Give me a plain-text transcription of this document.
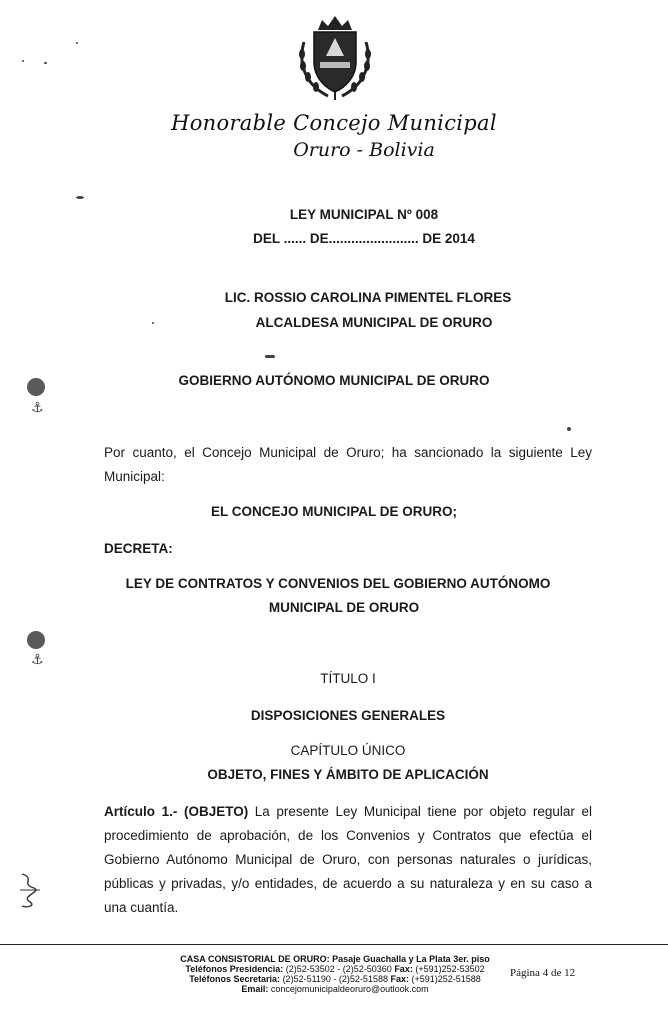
Honorable Concejo Municipal
Oruro - Bolivia
LEY MUNICIPAL Nº 008
DEL ...... DE........................ DE 2014
LIC. ROSSIO CAROLINA PIMENTEL FLORES
ALCALDESA MUNICIPAL DE ORURO
GOBIERNO AUTÓNOMO MUNICIPAL DE ORURO
Por cuanto, el Concejo Municipal de Oruro; ha sancionado la siguiente Ley Municipal:
EL CONCEJO MUNICIPAL DE ORURO;
DECRETA:
LEY DE CONTRATOS Y CONVENIOS DEL GOBIERNO AUTÓNOMO
MUNICIPAL DE ORURO
TÍTULO I
DISPOSICIONES GENERALES
CAPÍTULO ÚNICO
OBJETO, FINES Y ÁMBITO DE APLICACIÓN
Artículo 1.- (OBJETO) La presente Ley Municipal tiene por objeto regular el procedimiento de aprobación, de los Convenios y Contratos que efectúa el Gobierno Autónomo Municipal de Oruro, con personas naturales o jurídicas, públicas y privadas, y/o entidades, de acuerdo a su naturaleza y en su caso a una cuantía.
⚓
⚓
CASA CONSISTORIAL DE ORURO: Pasaje Guachalla y La Plata 3er. piso
Teléfonos Presidencia: (2)52-53502 - (2)52-50360 Fax: (+591)252-53502
Teléfonos Secretaria: (2)52-51190 - (2)52-51588 Fax: (+591)252-51588
Email: concejomunicipaldeoruro@outlook.com
Página 4 de 12
